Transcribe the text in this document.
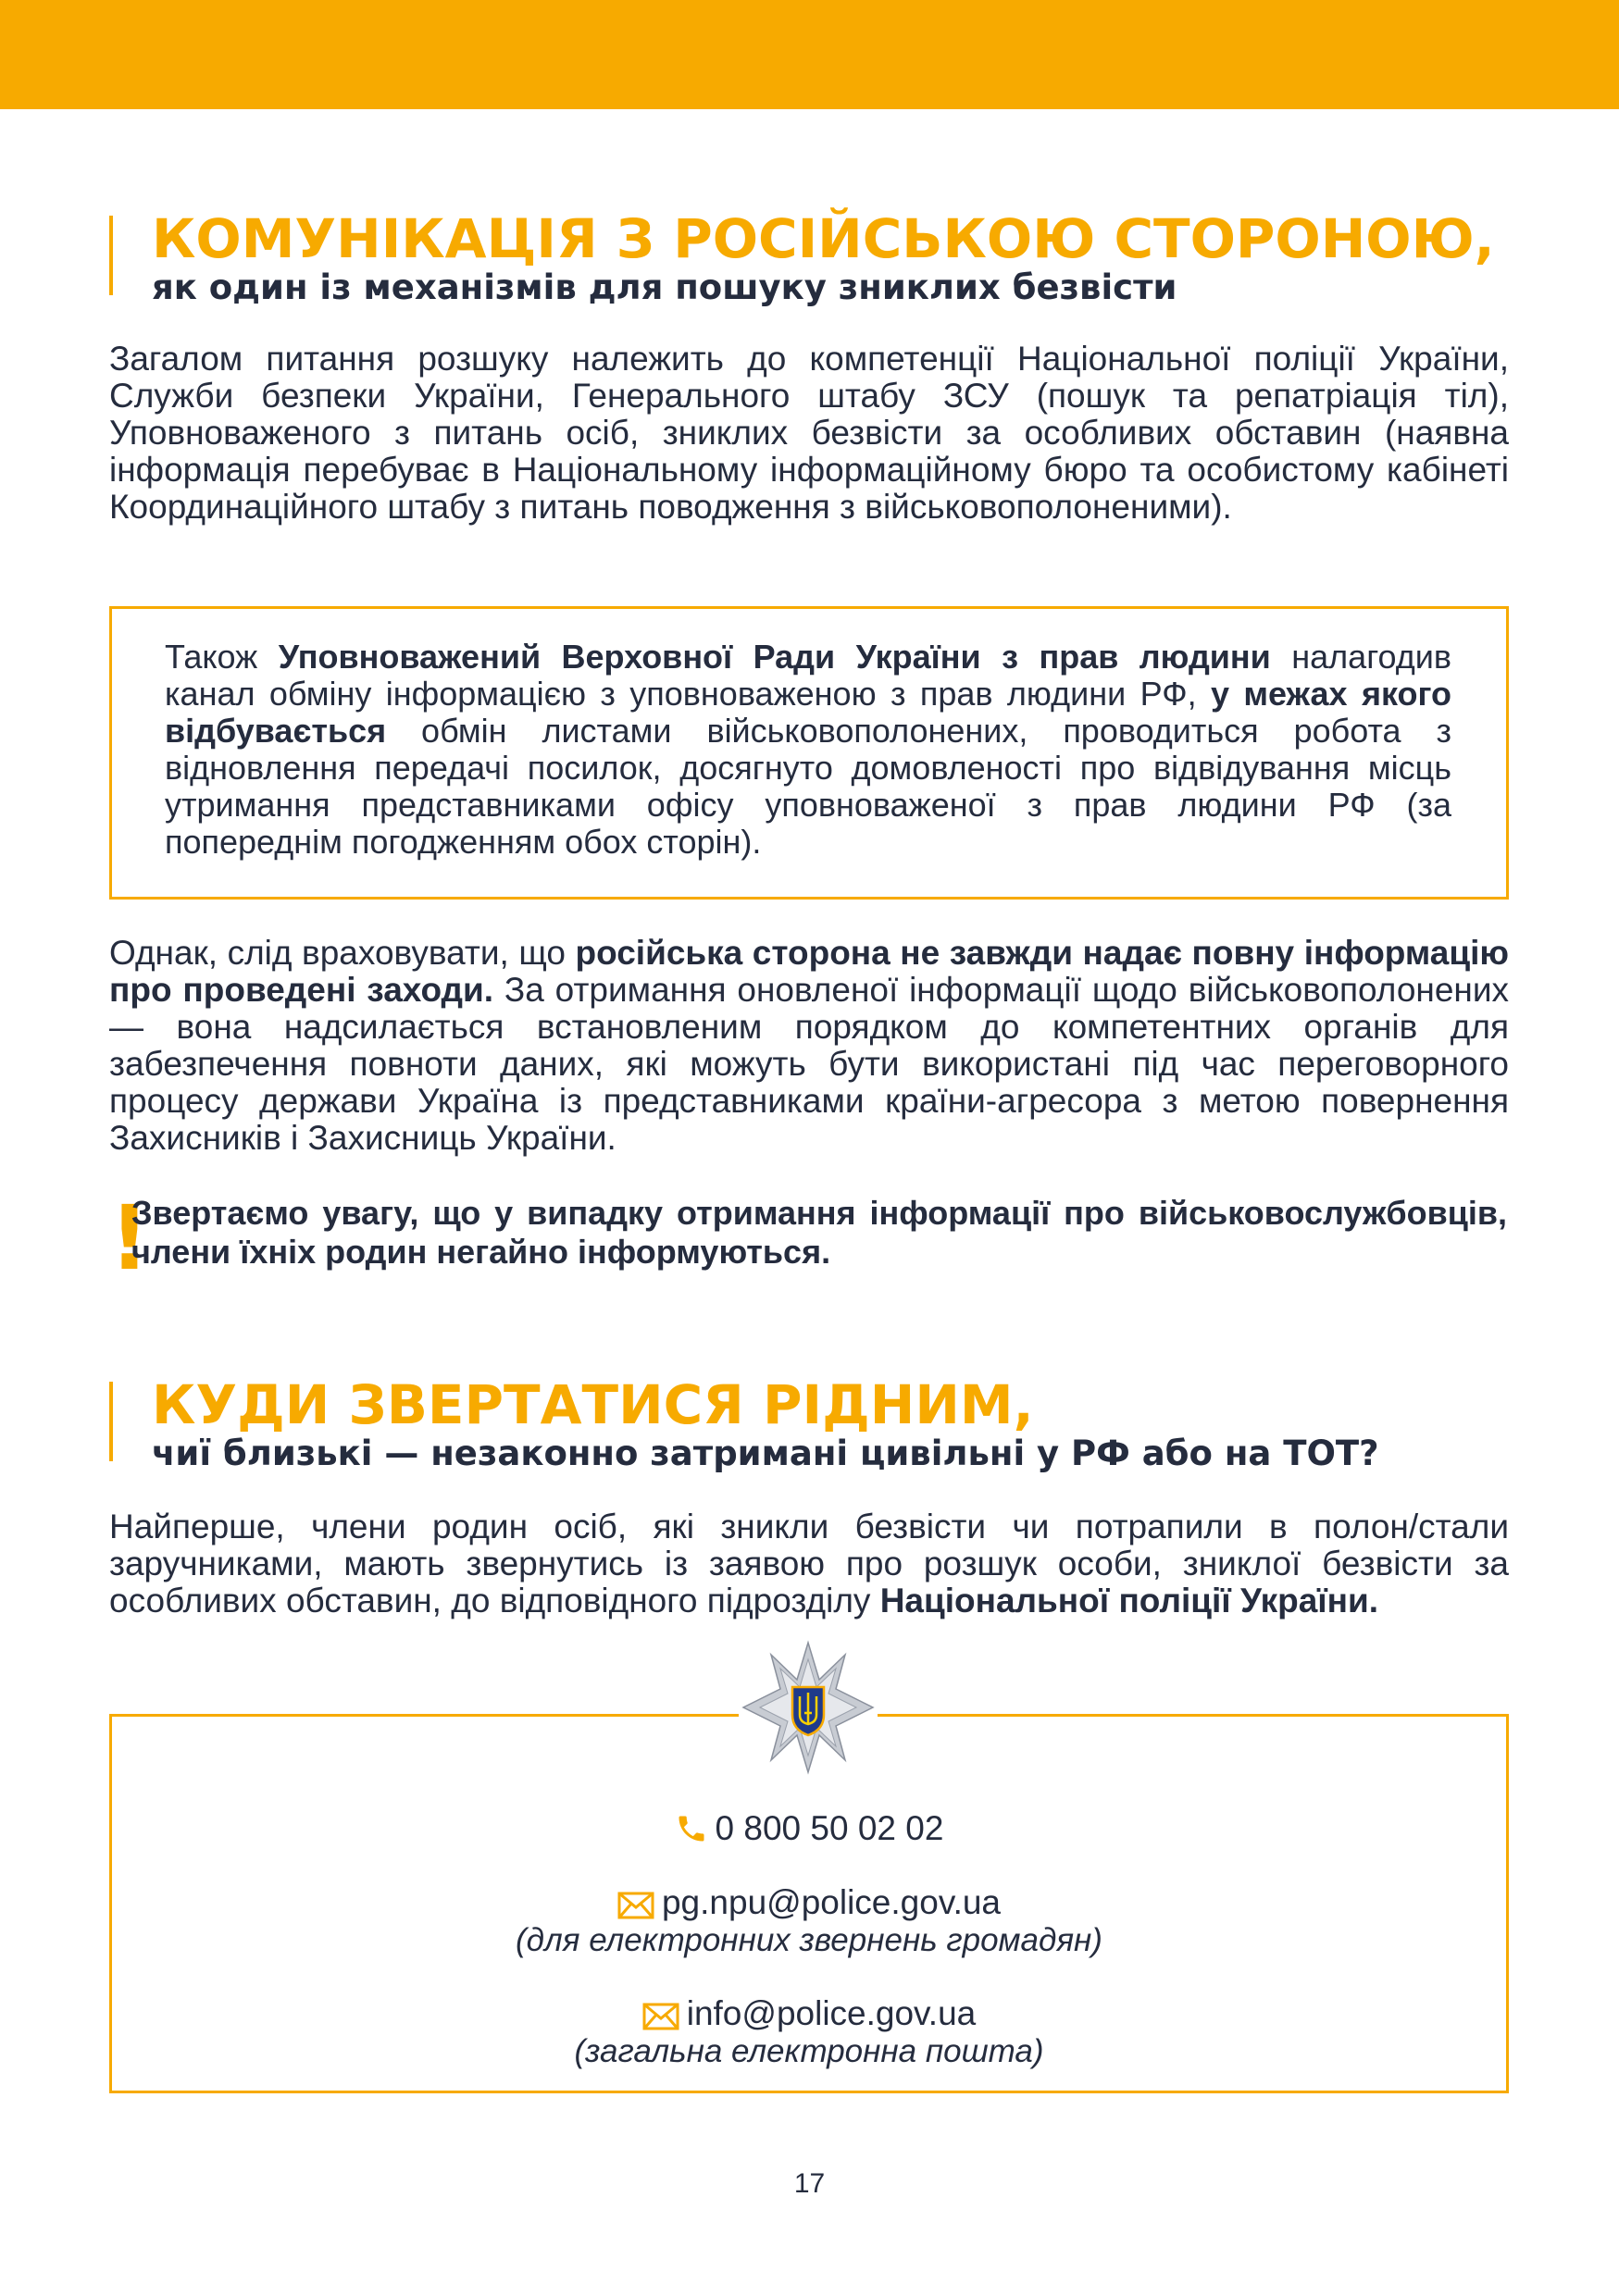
КОМУНІКАЦІЯ З РОСІЙСЬКОЮ СТОРОНОЮ,
як один із механізмів для пошуку зниклих безвісти

Загалом питання розшуку належить до компетенції Національної поліції України, Служби безпеки України, Генерального штабу ЗСУ (пошук та репатріація тіл), Уповноваженого з питань осіб, зниклих безвісти за особливих обставин (наявна інформація перебуває в Національному інформаційному бюро та особистому кабінеті Координаційного штабу з питань поводження з військовополоненими).

Також Уповноважений Верховної Ради України з прав людини налагодив канал обміну інформацією з уповноваженою з прав людини РФ, у межах якого відбувається обмін листами військовополонених, проводиться робота з відновлення передачі посилок, досягнуто домовленості про відвідування місць утримання представниками офісу уповноваженої з прав людини РФ (за попереднім погодженням обох сторін).

Однак, слід враховувати, що російська сторона не завжди надає повну інформацію про проведені заходи. За отримання оновленої інформації щодо військовополонених — вона надсилається встановленим порядком до компетентних органів для забезпечення повноти даних, які можуть бути використані під час переговорного процесу держави Україна із представниками країни-агресора з метою повернення Захисників і Захисниць України.

!

Звертаємо увагу, що у випадку отримання інформації про військовослужбовців, члени їхніх родин негайно інформуються.

КУДИ ЗВЕРТАТИСЯ РІДНИМ,
чиї близькі — незаконно затримані цивільні у РФ або на ТОТ?

Найперше, члени родин осіб, які зникли безвісти чи потрапили в полон/стали заручниками, мають звернутись із заявою про розшук особи, зниклої безвісти за особливих обставин, до відповідного підрозділу Національної поліції України.

0 800 50 02 02
pg.npu@police.gov.ua
(для електронних звернень громадян)
info@police.gov.ua
(загальна електронна пошта)
17
